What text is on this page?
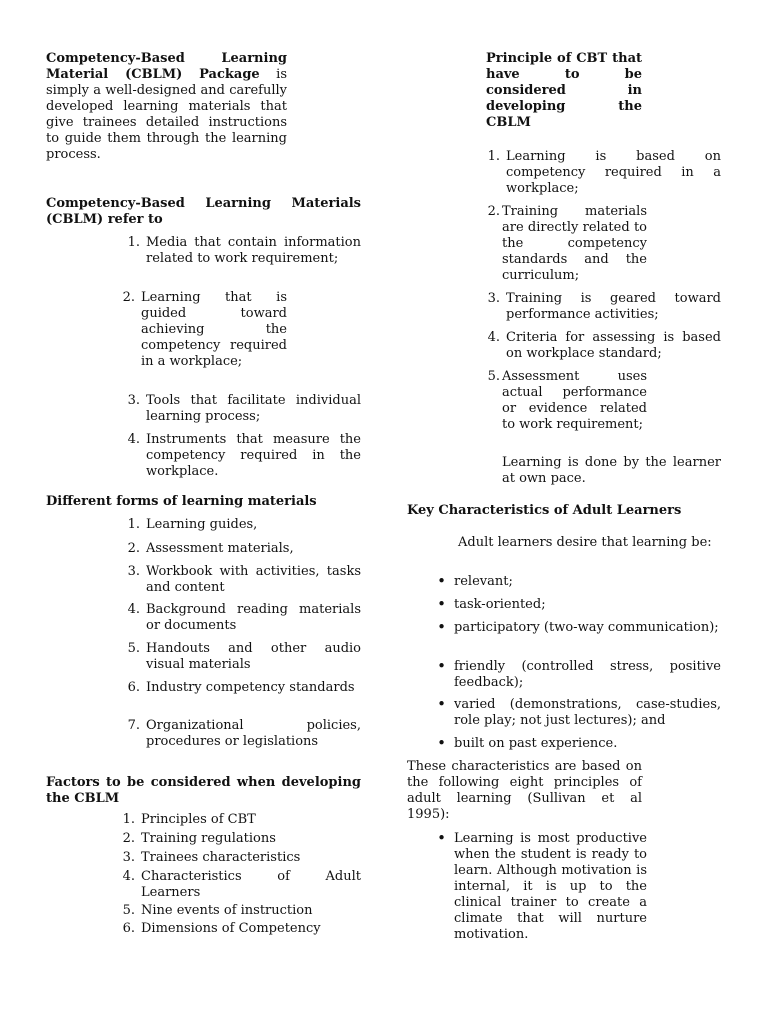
Competency-Based Learning Material (CBLM) Package is simply a well-designed and carefully developed learning materials that give trainees detailed instructions to guide them through the learning process.

Competency-Based Learning Materials (CBLM) refer to

1. Media that contain information related to work requirement;

2. Learning that is guided toward achieving the competency required in a workplace;

3. Tools that facilitate individual learning process;

4. Instruments that measure the competency required in the workplace.

Different forms of learning materials

1. Learning guides,

2. Assessment materials,

3. Workbook with activities, tasks and content

4. Background reading materials or documents

5. Handouts and other audio visual materials

6. Industry competency standards

7. Organizational policies, procedures or legislations

Factors to be considered when developing the CBLM

1. Principles of CBT

2. Training regulations

3. Trainees characteristics

4. Characteristics of Adult Learners

5. Nine events of instruction

6. Dimensions of Competency

Principle of CBT that have to be considered in developing the CBLM

1. Learning is based on competency required in a workplace;

2. Training materials are directly related to the competency standards and the curriculum;

3. Training is geared toward performance activities;

4. Criteria for assessing is based on workplace standard;

5. Assessment uses actual performance or evidence related to work requirement;

Learning is done by the learner at own pace.

Key Characteristics of Adult Learners

Adult learners desire that learning be:

• relevant;

• task-oriented;

• participatory (two-way communication);

• friendly (controlled stress, positive feedback);

• varied (demonstrations, case-studies, role play; not just lectures); and

• built on past experience.

These characteristics are based on the following eight principles of adult learning (Sullivan et al 1995):

• Learning is most productive when the student is ready to learn. Although motivation is internal, it is up to the clinical trainer to create a climate that will nurture motivation.
